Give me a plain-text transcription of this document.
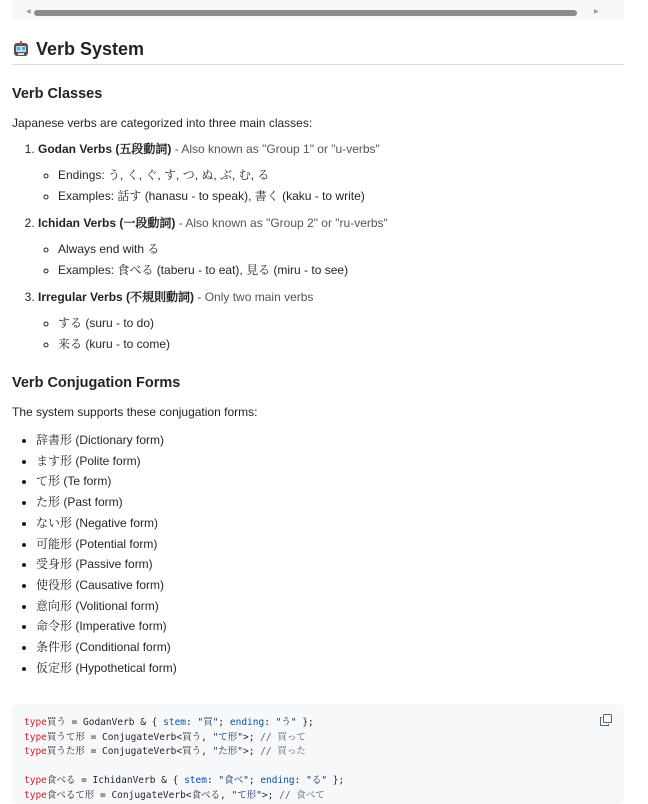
◀	▶
Verb System
Verb Classes

Japanese verbs are categorized into three main classes:

1. Godan Verbs (五段動詞) - Also known as "Group 1" or "u-verbs"
◦ Endings: う, く, ぐ, す, つ, ぬ, ぶ, む, る
◦ Examples: 話す (hanasu - to speak), 書く (kaku - to write)
2. Ichidan Verbs (一段動詞) - Also known as "Group 2" or "ru-verbs"
◦ Always end with る
◦ Examples: 食べる (taberu - to eat), 見る (miru - to see)
3. Irregular Verbs (不規則動詞) - Only two main verbs
◦ する (suru - to do)
◦ 来る (kuru - to come)
Verb Conjugation Forms

The system supports these conjugation forms:

• 辞書形 (Dictionary form)
• ます形 (Polite form)
• て形 (Te form)
• た形 (Past form)
• ない形 (Negative form)
• 可能形 (Potential form)
• 受身形 (Passive form)
• 使役形 (Causative form)
• 意向形 (Volitional form)
• 命令形 (Imperative form)
• 条件形 (Conditional form)
• 仮定形 (Hypothetical form)
type買う = GodanVerb & { stem: "買"; ending: "う" };
type買うて形 = ConjugateVerb<買う, "て形">; // 買って
type買うた形 = ConjugateVerb<買う, "た形">; // 買った
type食べる = IchidanVerb & { stem: "食べ"; ending: "る" };
type食べるて形 = ConjugateVerb<食べる, "て形">; // 食べて
